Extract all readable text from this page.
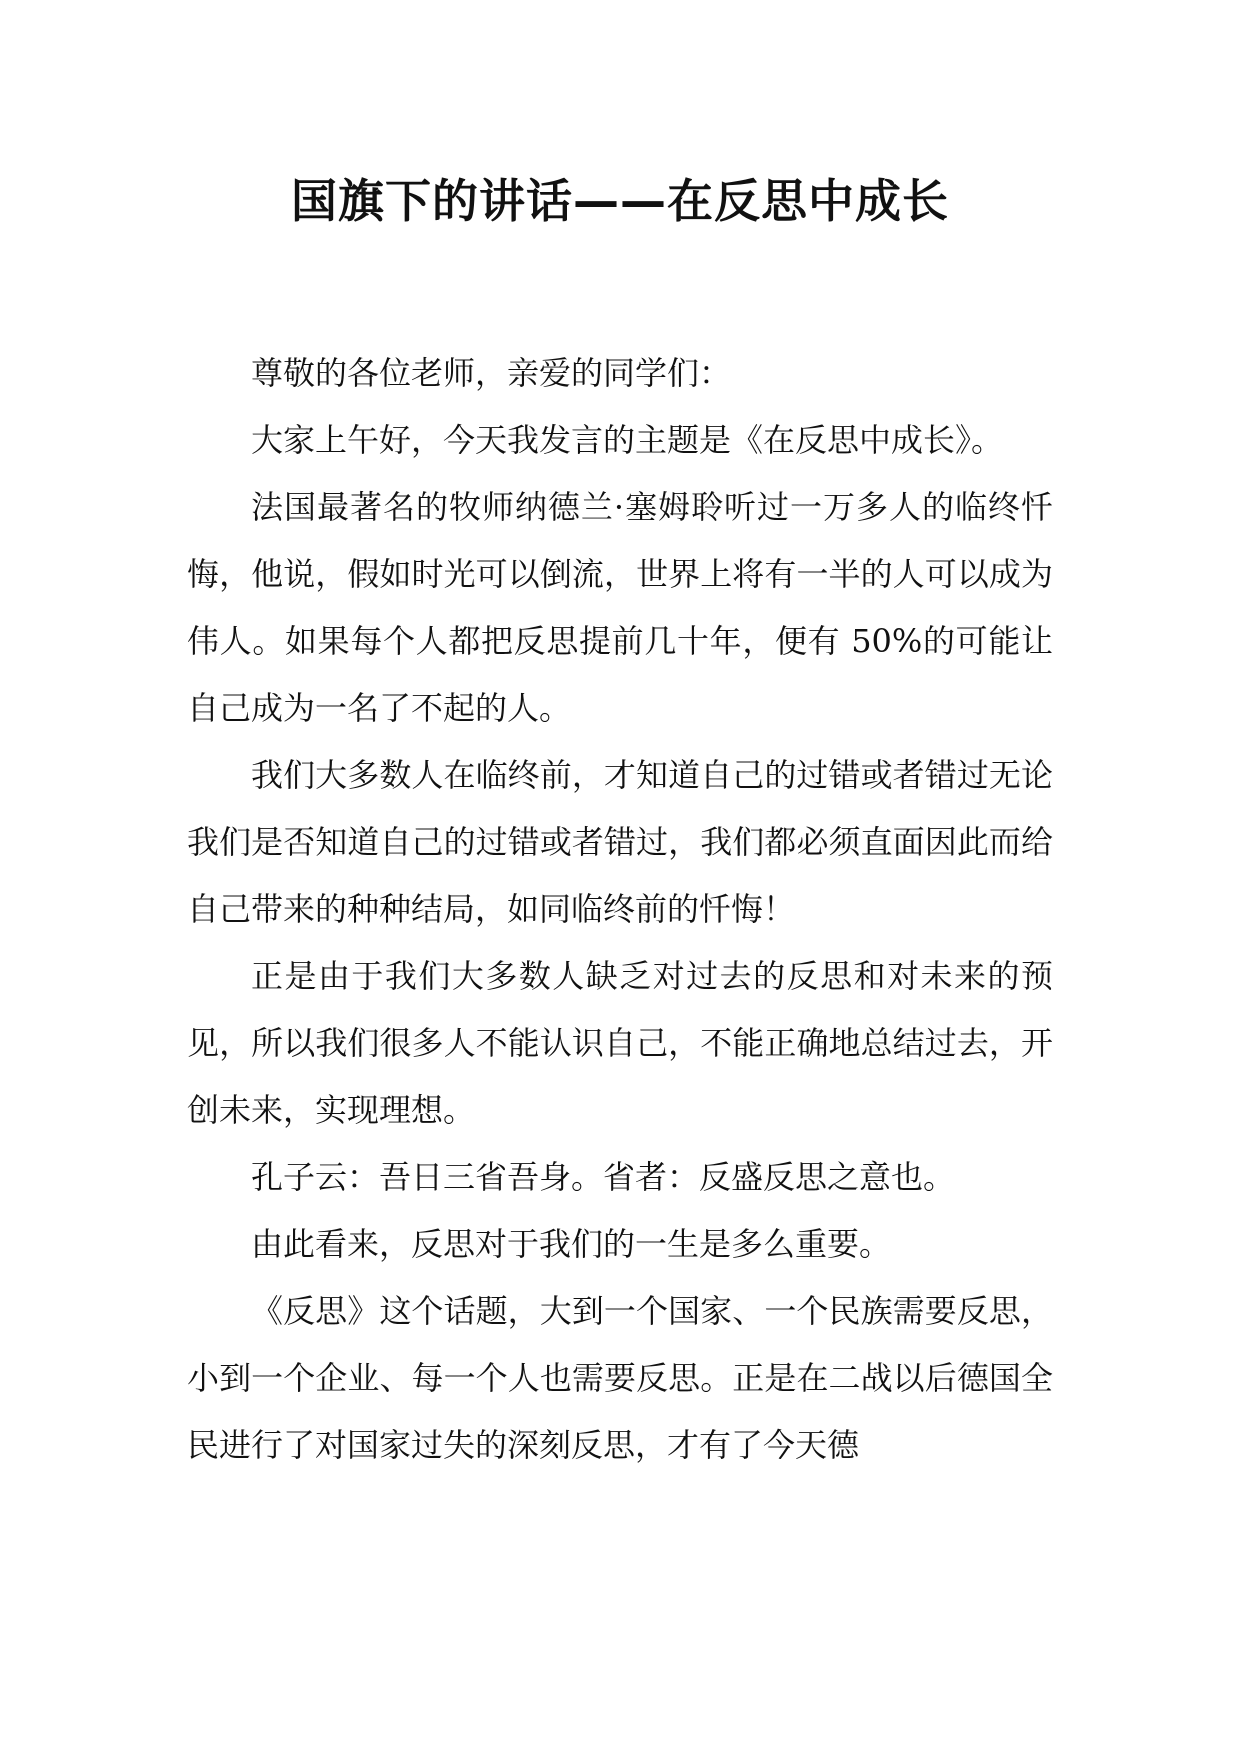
国旗下的讲话——在反思中成长

尊敬的各位老师，亲爱的同学们：

大家上午好，今天我发言的主题是《在反思中成长》。

法国最著名的牧师纳德兰·塞姆聆听过一万多人的临终忏悔，他说，假如时光可以倒流，世界上将有一半的人可以成为伟人。如果每个人都把反思提前几十年，便有 50%的可能让自己成为一名了不起的人。

我们大多数人在临终前，才知道自己的过错或者错过无论我们是否知道自己的过错或者错过，我们都必须直面因此而给自己带来的种种结局，如同临终前的忏悔！

正是由于我们大多数人缺乏对过去的反思和对未来的预见，所以我们很多人不能认识自己，不能正确地总结过去，开创未来，实现理想。

孔子云：吾日三省吾身。省者：反盛反思之意也。

由此看来，反思对于我们的一生是多么重要。

《反思》这个话题，大到一个国家、一个民族需要反思，小到一个企业、每一个人也需要反思。正是在二战以后德国全民进行了对国家过失的深刻反思，才有了今天德
